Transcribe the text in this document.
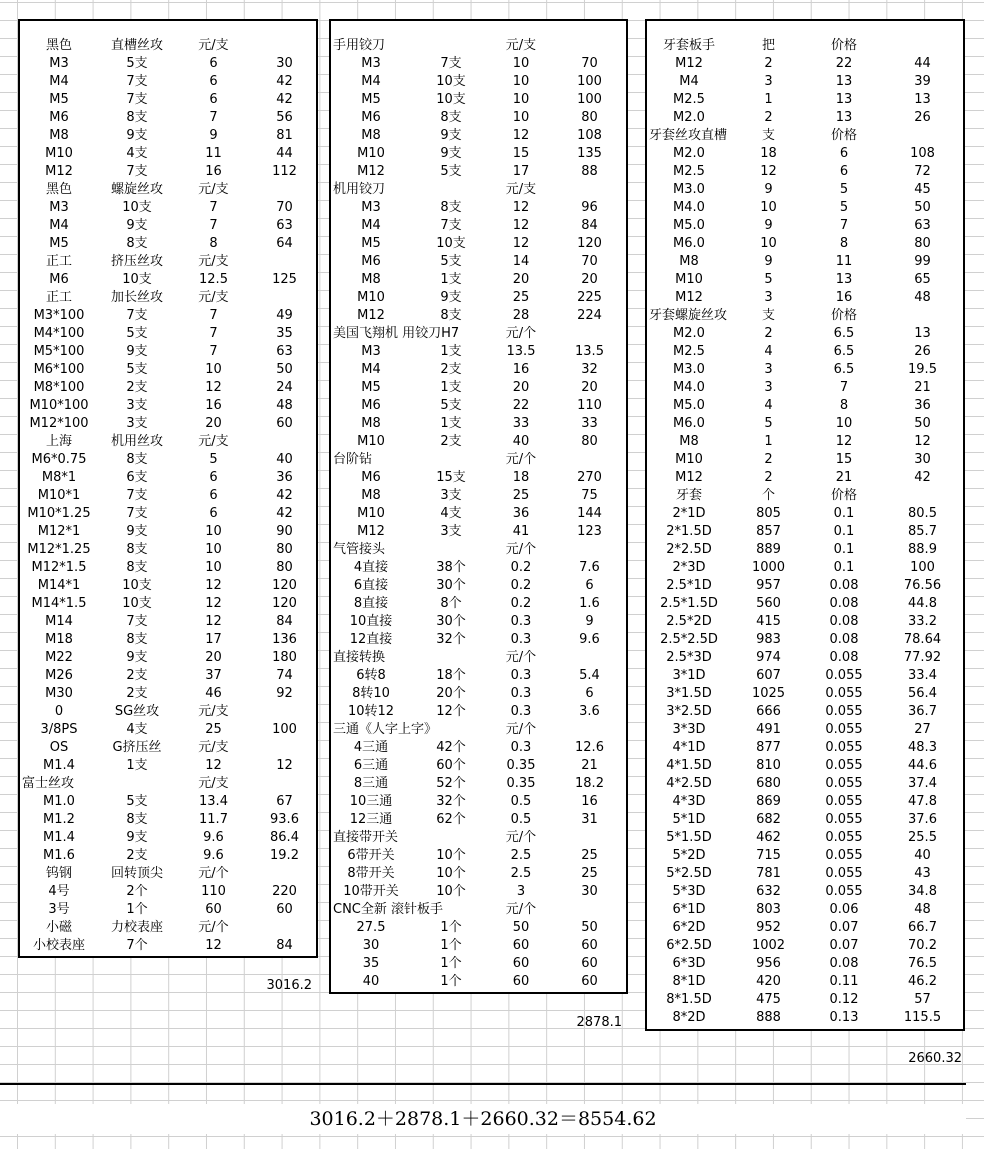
黑色	直槽丝攻	元/支
M3	5支	6	30
M4	7支	6	42
M5	7支	6	42
M6	8支	7	56
M8	9支	9	81
M10	4支	11	44
M12	7支	16	112
黑色	螺旋丝攻	元/支
M3	10支	7	70
M4	9支	7	63
M5	8支	8	64
正工	挤压丝攻	元/支
M6	10支	12.5	125
正工	加长丝攻	元/支
M3*100	7支	7	49
M4*100	5支	7	35
M5*100	9支	7	63
M6*100	5支	10	50
M8*100	2支	12	24
M10*100	3支	16	48
M12*100	3支	20	60
上海	机用丝攻	元/支
M6*0.75	8支	5	40
M8*1	6支	6	36
M10*1	7支	6	42
M10*1.25	7支	6	42
M12*1	9支	10	90
M12*1.25	8支	10	80
M12*1.5	8支	10	80
M14*1	10支	12	120
M14*1.5	10支	12	120
M14	7支	12	84
M18	8支	17	136
M22	9支	20	180
M26	2支	37	74
M30	2支	46	92
0	SG丝攻	元/支
3/8PS	4支	25	100
OS	G挤压丝	元/支
M1.4	1支	12	12
富士丝攻	元/支
M1.0	5支	13.4	67
M1.2	8支	11.7	93.6
M1.4	9支	9.6	86.4
M1.6	2支	9.6	19.2
钨钢	回转顶尖	元/个
4号	2个	110	220
3号	1个	60	60
小磁	力校表座	元/个
小校表座	7个	12	84
手用铰刀	元/支
M3	7支	10	70
M4	10支	10	100
M5	10支	10	100
M6	8支	10	80
M8	9支	12	108
M10	9支	15	135
M12	5支	17	88
机用铰刀	元/支
M3	8支	12	96
M4	7支	12	84
M5	10支	12	120
M6	5支	14	70
M8	1支	20	20
M10	9支	25	225
M12	8支	28	224
美国飞翔机 用铰刀H7	元/个
M3	1支	13.5	13.5
M4	2支	16	32
M5	1支	20	20
M6	5支	22	110
M8	1支	33	33
M10	2支	40	80
台阶钻	元/个
M6	15支	18	270
M8	3支	25	75
M10	4支	36	144
M12	3支	41	123
气管接头	元/个
4直接	38个	0.2	7.6
6直接	30个	0.2	6
8直接	8个	0.2	1.6
10直接	30个	0.3	9
12直接	32个	0.3	9.6
直接转换	元/个
6转8	18个	0.3	5.4
8转10	20个	0.3	6
10转12	12个	0.3	3.6
三通《人字上字》	元/个
4三通	42个	0.3	12.6
6三通	60个	0.35	21
8三通	52个	0.35	18.2
10三通	32个	0.5	16
12三通	62个	0.5	31
直接带开关	元/个
6带开关	10个	2.5	25
8带开关	10个	2.5	25
10带开关	10个	3	30
CNC全新 滚针板手	元/个
27.5	1个	50	50
30	1个	60	60
35	1个	60	60
40	1个	60	60
牙套板手	把	价格
M12	2	22	44
M4	3	13	39
M2.5	1	13	13
M2.0	2	13	26
牙套丝攻直槽	支	价格
M2.0	18	6	108
M2.5	12	6	72
M3.0	9	5	45
M4.0	10	5	50
M5.0	9	7	63
M6.0	10	8	80
M8	9	11	99
M10	5	13	65
M12	3	16	48
牙套螺旋丝攻	支	价格
M2.0	2	6.5	13
M2.5	4	6.5	26
M3.0	3	6.5	19.5
M4.0	3	7	21
M5.0	4	8	36
M6.0	5	10	50
M8	1	12	12
M10	2	15	30
M12	2	21	42
牙套	个	价格
2*1D	805	0.1	80.5
2*1.5D	857	0.1	85.7
2*2.5D	889	0.1	88.9
2*3D	1000	0.1	100
2.5*1D	957	0.08	76.56
2.5*1.5D	560	0.08	44.8
2.5*2D	415	0.08	33.2
2.5*2.5D	983	0.08	78.64
2.5*3D	974	0.08	77.92
3*1D	607	0.055	33.4
3*1.5D	1025	0.055	56.4
3*2.5D	666	0.055	36.7
3*3D	491	0.055	27
4*1D	877	0.055	48.3
4*1.5D	810	0.055	44.6
4*2.5D	680	0.055	37.4
4*3D	869	0.055	47.8
5*1D	682	0.055	37.6
5*1.5D	462	0.055	25.5
5*2D	715	0.055	40
5*2.5D	781	0.055	43
5*3D	632	0.055	34.8
6*1D	803	0.06	48
6*2D	952	0.07	66.7
6*2.5D	1002	0.07	70.2
6*3D	956	0.08	76.5
8*1D	420	0.11	46.2
8*1.5D	475	0.12	57
8*2D	888	0.13	115.5
3016.2
2878.1
2660.32
3016.2＋2878.1＋2660.32＝8554.62
